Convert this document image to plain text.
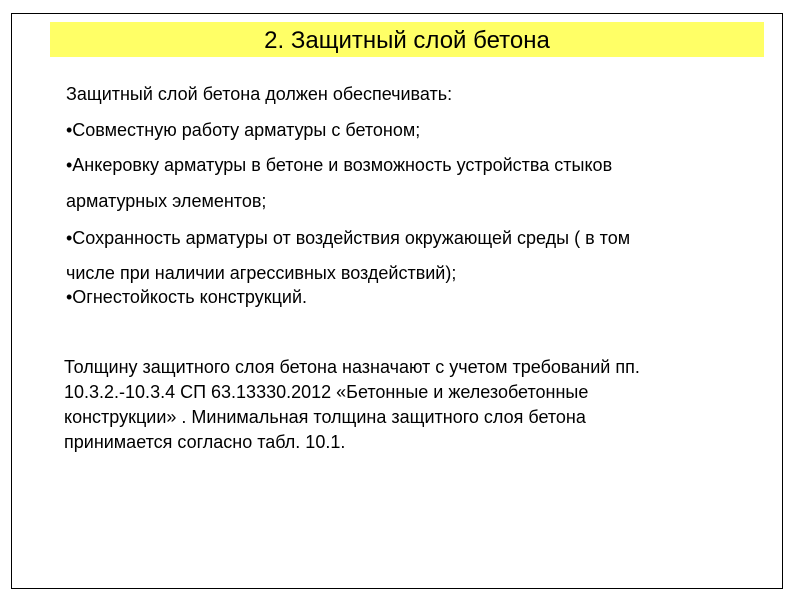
2. Защитный слой бетона
Защитный слой бетона должен обеспечивать:
•Совместную работу арматуры с бетоном;
•Анкеровку арматуры в бетоне и возможность устройства стыков
арматурных элементов;
•Сохранность арматуры от воздействия окружающей среды ( в том
числе при наличии агрессивных воздействий);
•Огнестойкость конструкций.
Толщину защитного слоя бетона назначают с учетом требований пп.
10.3.2.-10.3.4 СП 63.13330.2012 «Бетонные и железобетонные
конструкции» . Минимальная толщина защитного слоя бетона
принимается согласно табл. 10.1.
